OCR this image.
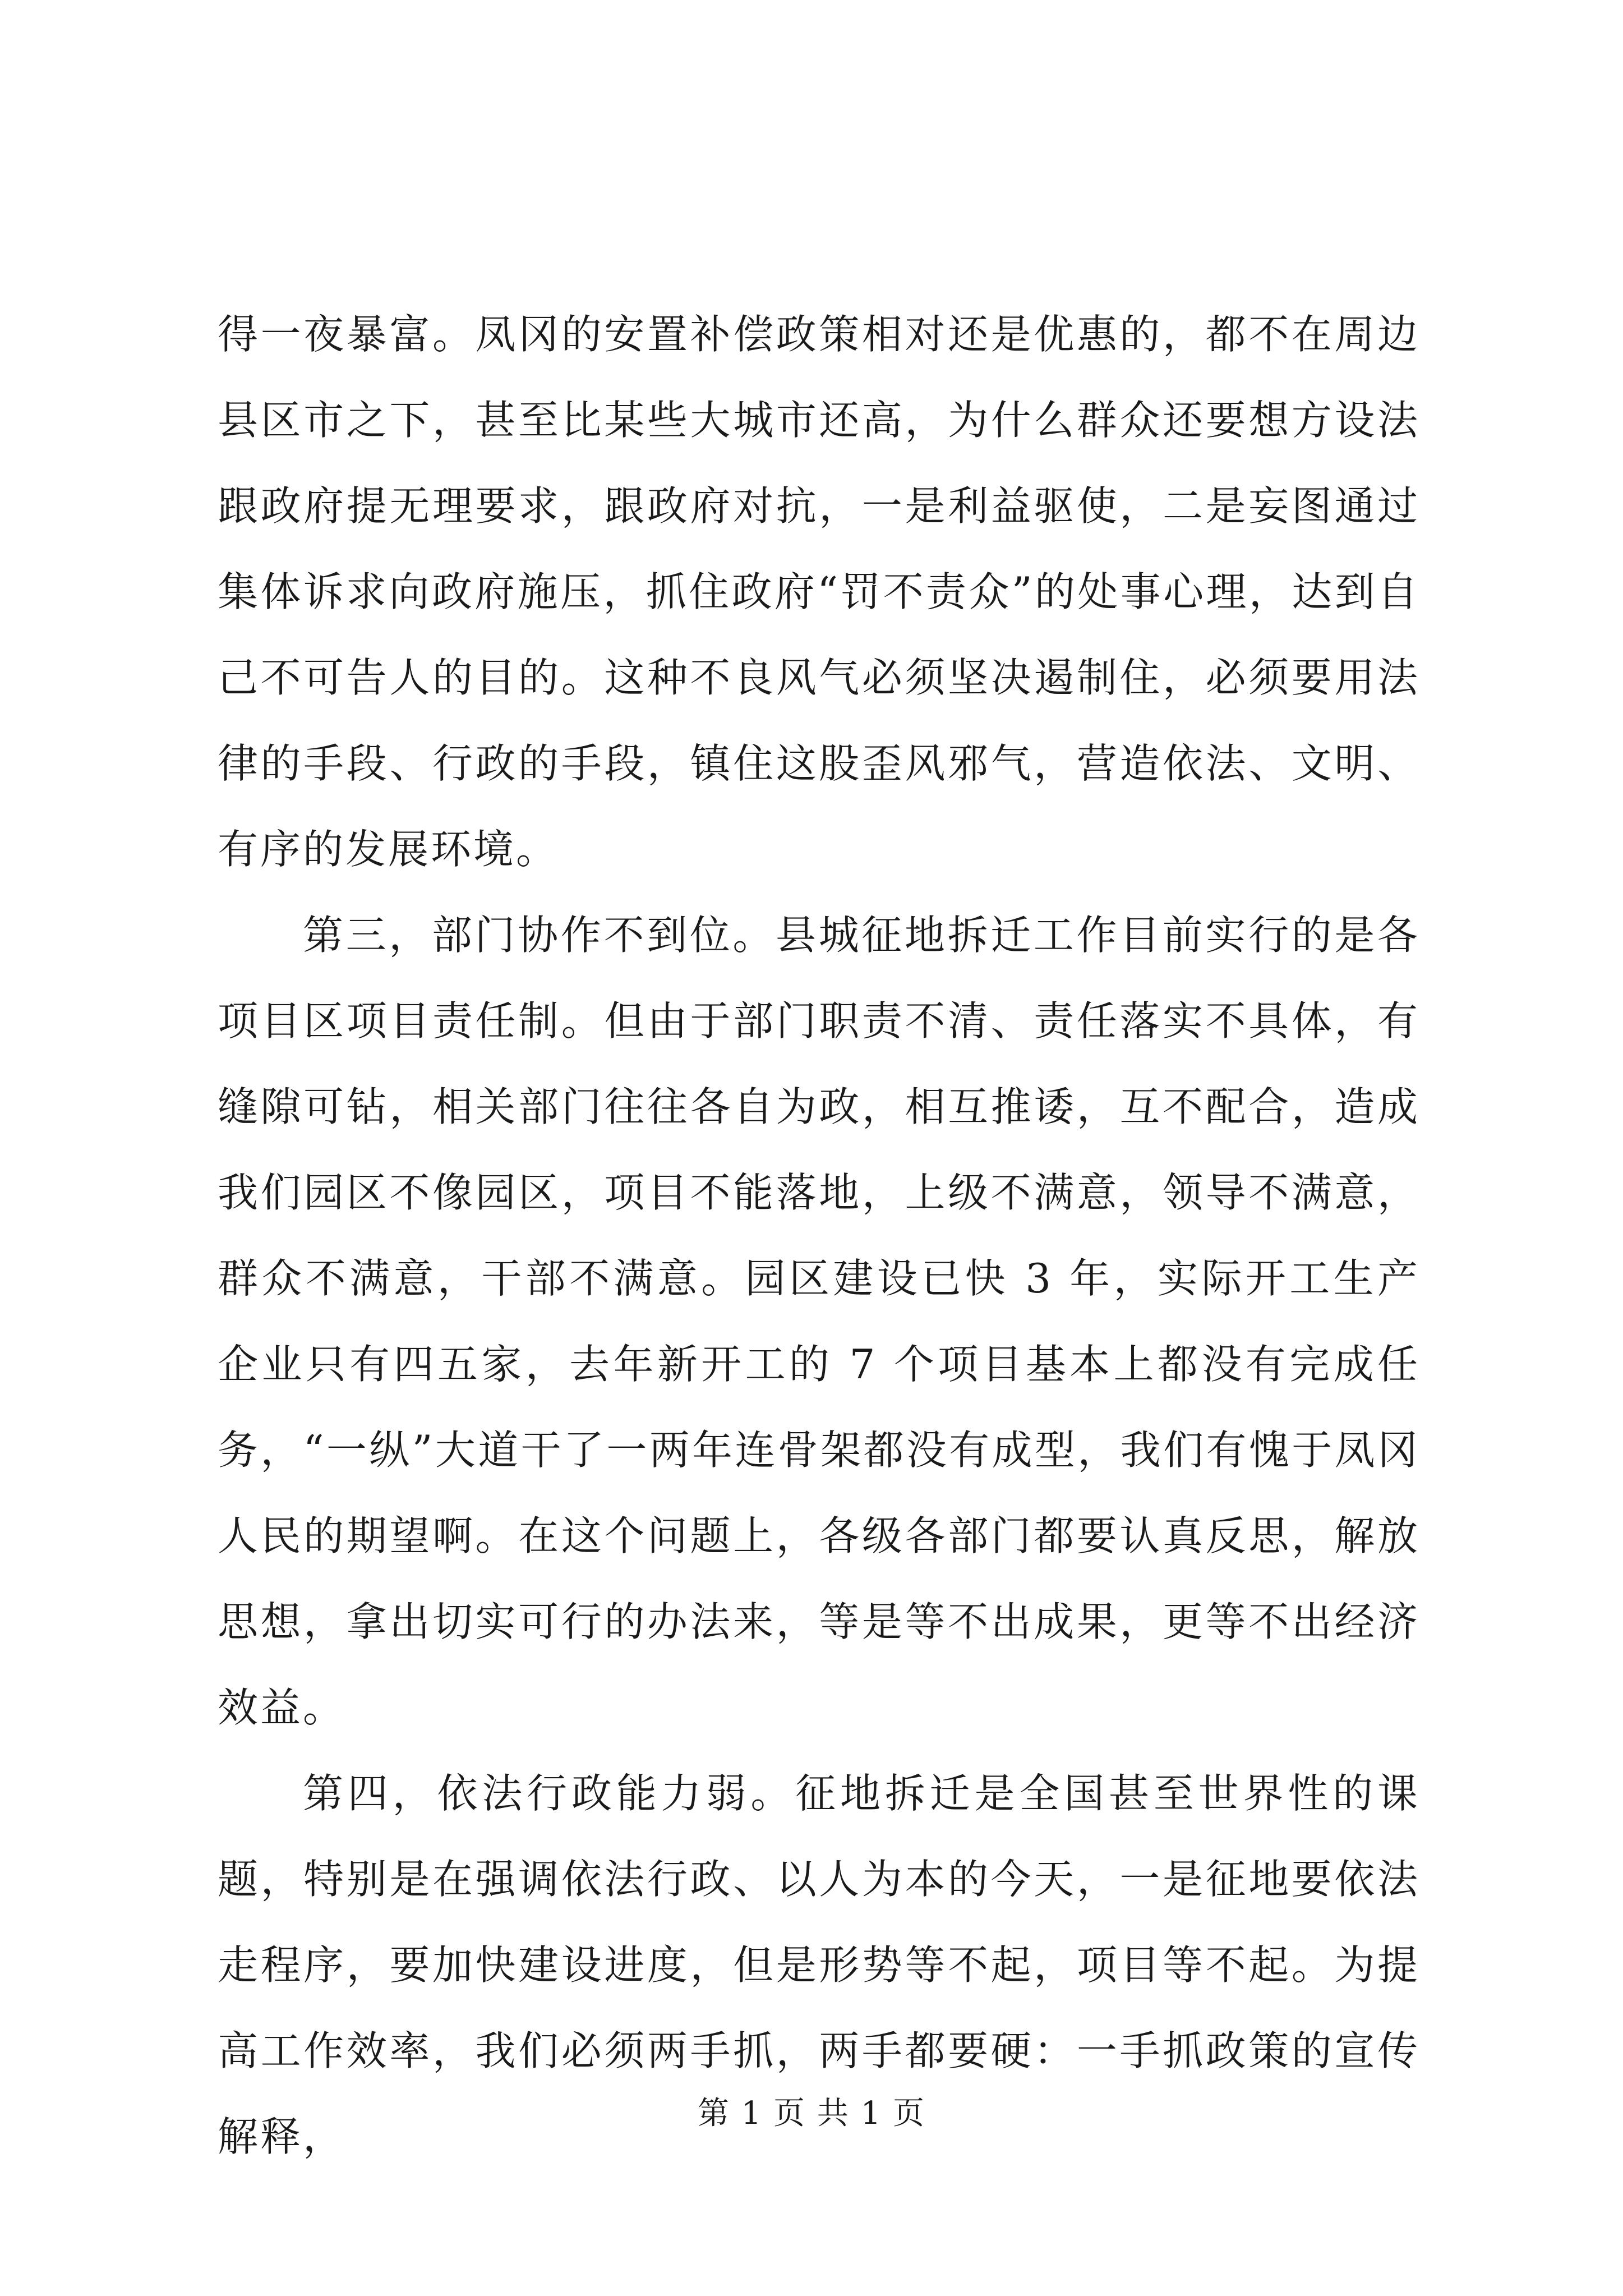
得一夜暴富。凤冈的安置补偿政策相对还是优惠的，都不在周边县区市之下，甚至比某些大城市还高，为什么群众还要想方设法跟政府提无理要求，跟政府对抗，一是利益驱使，二是妄图通过集体诉求向政府施压，抓住政府“罚不责众”的处事心理，达到自己不可告人的目的。这种不良风气必须坚决遏制住，必须要用法律的手段、行政的手段，镇住这股歪风邪气，营造依法、文明、有序的发展环境。

第三，部门协作不到位。县城征地拆迁工作目前实行的是各项目区项目责任制。但由于部门职责不清、责任落实不具体，有缝隙可钻，相关部门往往各自为政，相互推诿，互不配合，造成我们园区不像园区，项目不能落地，上级不满意，领导不满意，群众不满意，干部不满意。园区建设已快 3 年，实际开工生产企业只有四五家，去年新开工的 7 个项目基本上都没有完成任务，“一纵”大道干了一两年连骨架都没有成型，我们有愧于凤冈人民的期望啊。在这个问题上，各级各部门都要认真反思，解放思想，拿出切实可行的办法来，等是等不出成果，更等不出经济效益。

第四，依法行政能力弱。征地拆迁是全国甚至世界性的课题，特别是在强调依法行政、以人为本的今天，一是征地要依法走程序，要加快建设进度，但是形势等不起，项目等不起。为提高工作效率，我们必须两手抓，两手都要硬：一手抓政策的宣传解释，	第 1 页 共 1 页
